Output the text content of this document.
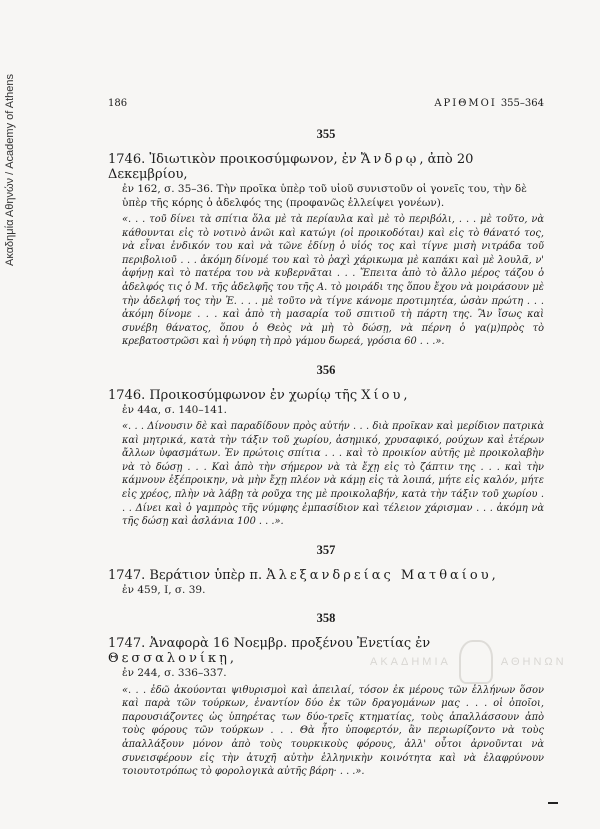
Ακαδημία Αθηνών / Academy of Athens	186	ΑΡΙΘΜΟΙ 355–364
355

1746. Ἰδιωτικὸν προικοσύμφωνον, ἐν Ἄνδρῳ, ἀπὸ 20 Δεκεμβρίου,

ἐν 162, σ. 35–36. Τὴν προῖκα ὑπὲρ τοῦ υἱοῦ συνιστοῦν οἱ γονεῖς του, τὴν δὲ ὑπὲρ τῆς κόρης ὁ ἀδελφός της (προφανῶς ἐλλείψει γονέων).

«. . . τοῦ δίνει τὰ σπίτια ὅλα μὲ τὰ περίαυλα καὶ μὲ τὸ περιβόλι, . . . μὲ τοῦτο, νὰ κάθουνται εἰς τὸ νοτινὸ ἀνῶι καὶ κατώγι (οἱ προικοδόται) καὶ εἰς τὸ θάνατό τος, νὰ εἶναι ἐνδικόν του καὶ νὰ τῶνε ἐδίνῃ ὁ υἱός τος καὶ τίγνε μισὴ νιτράδα τοῦ περιβολιοῦ . . . ἀκόμη δίνομέ του καὶ τὸ ῥαχὶ χάρικωμα μὲ καπάκι καὶ μὲ λουλᾶ, ν' ἀφήνῃ καὶ τὸ πατέρα του νὰ κυβερνᾶται . . . Ἔπειτα ἀπὸ τὸ ἄλλο μέρος τάζου ὁ ἀδελφός τις ὁ Μ. τῆς ἀδελφῆς του τῆς Α. τὸ μοιράδι της ὅπου ἔχου νὰ μοιράσουν μὲ τὴν ἀδελφή τος τὴν Ἐ. . . . μὲ τοῦτο νὰ τίγνε κάνομε προτιμητέα, ὡσὰν πρώτη . . . ἀκόμη δίνομε . . . καὶ ἀπὸ τὴ μασαρία τοῦ σπιτιοῦ τὴ πάρτη της. Ἂν ἴσως καὶ συνέβη θάνατος, ὅπου ὁ Θεὸς νὰ μὴ τὸ δώσῃ, νὰ πέρνη ὁ γα(μ)πρὸς τὸ κρεβατοστρῶσι καὶ ἡ νύφη τὴ πρὸ γάμου δωρεά, γρόσια 60 . . .».

356

1746. Προικοσύμφωνον ἐν χωρίῳ τῆς Χίου,

ἐν 44α, σ. 140–141.

«. . . Δίνουσιν δὲ καὶ παραδίδουν πρὸς αὐτήν . . . διὰ προῖκαν καὶ μερίδιον πατρικὰ καὶ μητρικά, κατὰ τὴν τάξιν τοῦ χωρίου, ἀσημικό, χρυσαφικό, ρούχων καὶ ἑτέρων ἄλλων ὑφασμάτων. Ἐν πρώτοις σπίτια . . . καὶ τὸ προικίον αὐτῆς μὲ προικολαβὴν νὰ τὸ δώσῃ . . . Καὶ ἀπὸ τὴν σήμερον νὰ τὰ ἔχῃ εἰς τὸ ζάπτιν της . . . καὶ τὴν κάμνουν ἐξέπροικην, νὰ μὴν ἔχῃ πλέον νὰ κάμῃ εἰς τὰ λοιπά, μήτε εἰς καλόν, μήτε εἰς χρέος, πλὴν νὰ λάβῃ τὰ ροῦχα της μὲ προικολαβήν, κατὰ τὴν τάξιν τοῦ χωρίου . . . Δίνει καὶ ὁ γαμπρὸς τῆς νύμφης ἐμπασίδιον καὶ τέλειον χάρισμαν . . . ἀκόμη νὰ τῆς δώσῃ καὶ ἀσλάνια 100 . . .».

357

1747. Βεράτιον ὑπὲρ π. Ἀλεξανδρείας Ματθαίου,

ἐν 459, Ι, σ. 39.

358

1747. Ἀναφορὰ 16 Νοεμβρ. προξένου Ἐνετίας ἐν Θεσσαλονίκῃ,

ἐν 244, σ. 336–337.

«. . . ἐδῶ ἀκούονται ψιθυρισμοὶ καὶ ἀπειλαί, τόσον ἐκ μέρους τῶν ἑλλήνων ὅσον καὶ παρὰ τῶν τούρκων, ἐναντίον δύο ἐκ τῶν δραγομάνων μας . . . οἱ ὁποῖοι, παρουσιάζοντες ὡς ὑπηρέτας των δύο-τρεῖς κτηματίας, τοὺς ἀπαλλάσσουν ἀπὸ τοὺς φόρους τῶν τούρκων . . . Θὰ ἦτο ὑποφερτόν, ἂν περιωρίζοντο νὰ τοὺς ἀπαλλάξουν μόνον ἀπὸ τοὺς τουρκικοὺς φόρους, ἀλλ' οὗτοι ἀρνοῦνται νὰ συνεισφέρουν εἰς τὴν ἀτυχῆ αὐτὴν ἑλληνικὴν κοινότητα καὶ νὰ ἐλαφρύνουν τοιουτοτρόπως τὸ φορολογικὰ αὐτῆς βάρη· . . .».

ΑΚΑΔΗΜΙΑ	ΑΘΗΝΩΝ
